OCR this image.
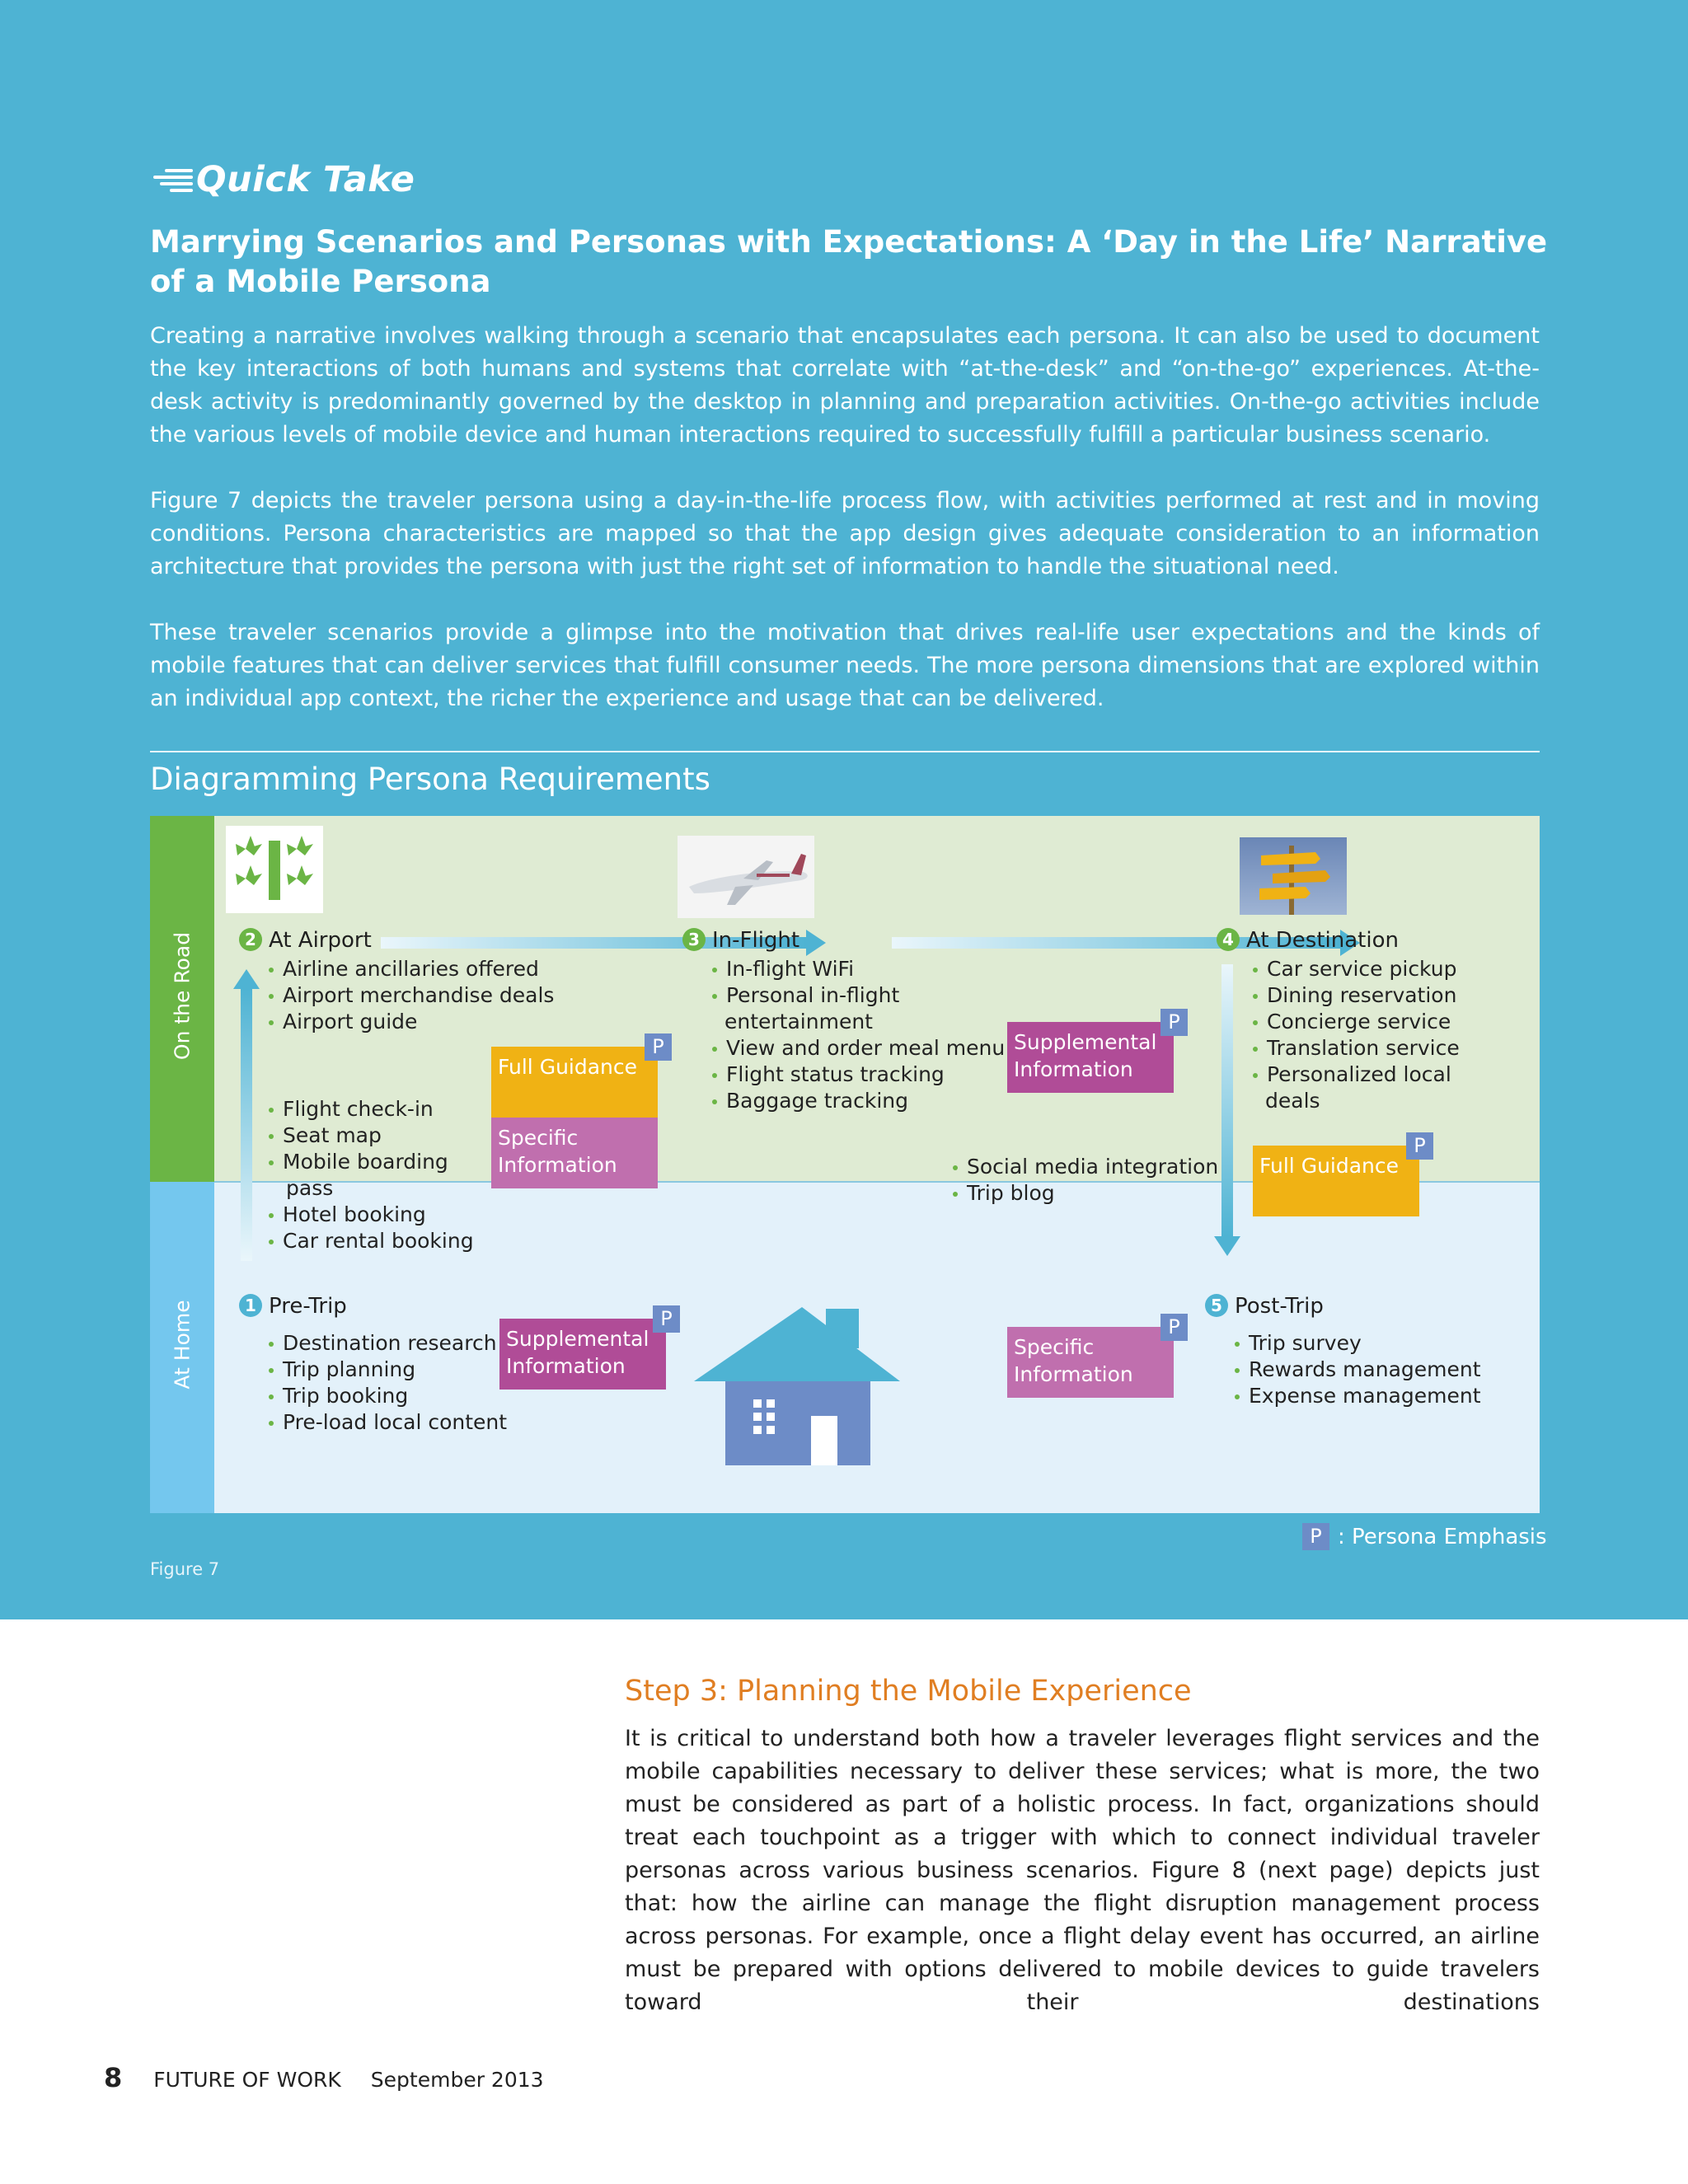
Quick Take
Marrying Scenarios and Personas with Expectations: A ‘Day in the Life’ Narrative of a Mobile Persona

Creating a narrative involves walking through a scenario that encapsulates each persona. It can also be used to document the key interactions of both humans and systems that correlate with “at-the-desk” and “on-the-go” experiences. At-the-desk activity is predominantly governed by the desktop in planning and preparation activities. On-the-go activities include the various levels of mobile device and human interactions required to successfully fulfill a particular business scenario.

Figure 7 depicts the traveler persona using a day-in-the-life process flow, with activities performed at rest and in moving conditions. Persona characteristics are mapped so that the app design gives adequate consideration to an information architecture that provides the persona with just the right set of information to handle the situational need.

These traveler scenarios provide a glimpse into the motivation that drives real-life user expectations and the kinds of mobile features that can deliver services that fulfill consumer needs. The more persona dimensions that are explored within an individual app context, the richer the experience and usage that can be delivered.

Diagramming Persona Requirements
On the Road
At Home
2 At Airport
Airline ancillaries offered
Airport merchandise deals
Airport guide
Flight check-in
Seat map
Mobile boarding
pass
Hotel booking
Car rental booking
Full Guidance
Specific Information
P
3 In-Flight
In-flight WiFi
Personal in-flight
entertainment
View and order meal menu
Flight status tracking
Baggage tracking
Supplemental Information
P
Social media integration
Trip blog
4 At Destination
Car service pickup
Dining reservation
Concierge service
Translation service
Personalized local
deals
Full Guidance
P
1 Pre-Trip
Destination research
Trip planning
Trip booking
Pre-load local content
Supplemental Information
P
Specific Information
P
5 Post-Trip
Trip survey
Rewards management
Expense management
P : Persona Emphasis
Figure 7
Step 3: Planning the Mobile Experience

It is critical to understand both how a traveler leverages flight services and the mobile capabilities necessary to deliver these services; what is more, the two must be considered as part of a holistic process. In fact, organizations should treat each touchpoint as a trigger with which to connect individual traveler personas across various business scenarios. Figure 8 (next page) depicts just that: how the airline can manage the flight disruption management process across personas. For example, once a flight delay event has occurred, an airline must be prepared with options delivered to mobile devices to guide travelers toward their destinations

8 FUTURE OF WORK September 2013
